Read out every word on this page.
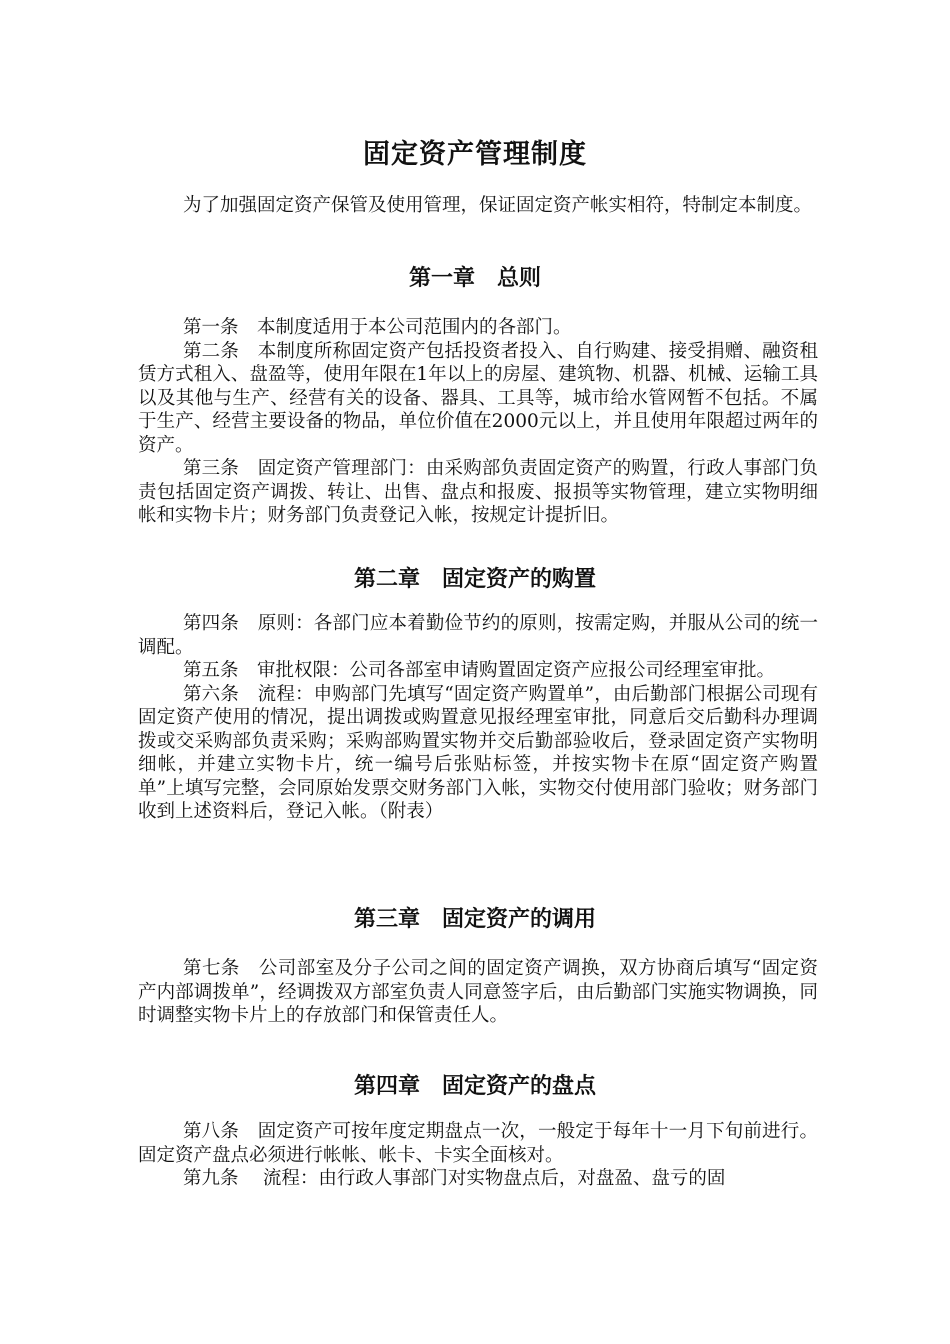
固定资产管理制度

为了加强固定资产保管及使用管理，保证固定资产帐实相符，特制定本制度。

第一章　总则

第一条　本制度适用于本公司范围内的各部门。

第二条　本制度所称固定资产包括投资者投入、自行购建、接受捐赠、融资租赁方式租入、盘盈等，使用年限在1年以上的房屋、建筑物、机器、机械、运输工具以及其他与生产、经营有关的设备、器具、工具等，城市给水管网暂不包括。不属于生产、经营主要设备的物品，单位价值在2000元以上，并且使用年限超过两年的资产。

第三条　固定资产管理部门：由采购部负责固定资产的购置，行政人事部门负责包括固定资产调拨、转让、出售、盘点和报废、报损等实物管理，建立实物明细帐和实物卡片；财务部门负责登记入帐，按规定计提折旧。

第二章　固定资产的购置

第四条　原则：各部门应本着勤俭节约的原则，按需定购，并服从公司的统一调配。

第五条　审批权限：公司各部室申请购置固定资产应报公司经理室审批。

第六条　流程：申购部门先填写“固定资产购置单”，由后勤部门根据公司现有固定资产使用的情况，提出调拨或购置意见报经理室审批，同意后交后勤科办理调拨或交采购部负责采购；采购部购置实物并交后勤部验收后，登录固定资产实物明细帐，并建立实物卡片，统一编号后张贴标签，并按实物卡在原“固定资产购置单”上填写完整，会同原始发票交财务部门入帐，实物交付使用部门验收；财务部门收到上述资料后，登记入帐。（附表）

第三章　固定资产的调用

第七条　公司部室及分子公司之间的固定资产调换，双方协商后填写“固定资产内部调拨单”，经调拨双方部室负责人同意签字后，由后勤部门实施实物调换，同时调整实物卡片上的存放部门和保管责任人。

第四章　固定资产的盘点

第八条　固定资产可按年度定期盘点一次，一般定于每年十一月下旬前进行。固定资产盘点必须进行帐帐、帐卡、卡实全面核对。

第九条　 流程：由行政人事部门对实物盘点后，对盘盈、盘亏的固
